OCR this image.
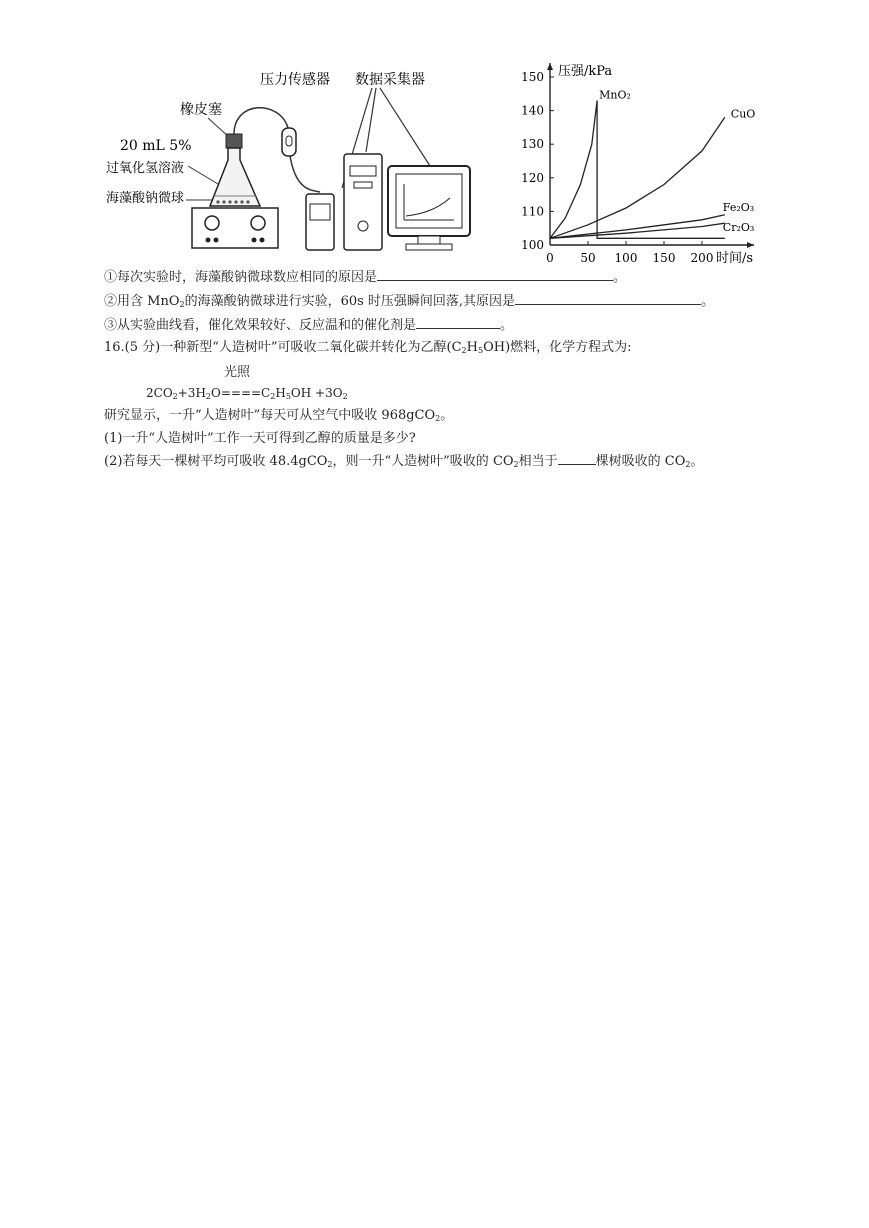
压力传感器 数据采集器
橡皮塞
20 mL 5%
过氧化氢溶液
海藻酸钠微球
压强/kPa
时间/s
0 50 100 150 200
100
110
120
130
140
150
MnO₂
CuO
Fe₂O₃
Cr₂O₃
①每次实验时，海藻酸钠微球数应相同的原因是	。
②用含 MnO$_2$的海藻酸钠微球进行实验，60s 时压强瞬间回落,其原因是	。
③从实验曲线看，催化效果较好、反应温和的催化剂是	。
16.(5 分)一种新型“人造树叶”可吸收二氧化碳并转化为乙醇$(C_2H_5OH)$燃料，化学方程式为:
光照
$2CO_2+3H_2O====C_2H_5OH +3O_2$
研究显示，一升“人造树叶”每天可从空气中吸收 968gCO$_2$。
(1)一升“人造树叶”工作一天可得到乙醇的质量是多少?
(2)若每天一棵树平均可吸收 48.4gCO$_2$，则一升“人造树叶”吸收的 $CO_2$相当于	棵树吸收的 $CO_2$。
